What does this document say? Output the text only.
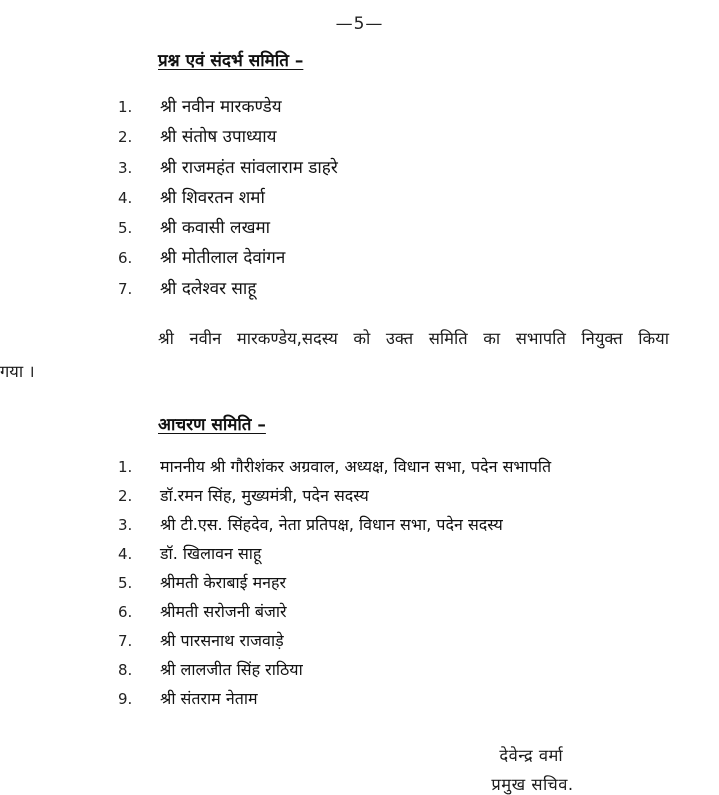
—5—
प्रश्न एवं संदर्भ समिति –
1.	श्री नवीन मारकण्डेय
2.	श्री संतोष उपाध्याय
3.	श्री राजमहंत सांवलाराम डाहरे
4.	श्री शिवरतन शर्मा
5.	श्री कवासी लखमा
6.	श्री मोतीलाल देवांगन
7.	श्री दलेश्वर साहू
श्री नवीन मारकण्डेय,सदस्य को उक्त समिति का सभापति नियुक्त किया
गया ।
आचरण समिति –
1.	माननीय श्री गौरीशंकर अग्रवाल, अध्यक्ष, विधान सभा, पदेन सभापति
2.	डॉ.रमन सिंह, मुख्यमंत्री, पदेन सदस्य
3.	श्री टी.एस. सिंहदेव, नेता प्रतिपक्ष, विधान सभा, पदेन सदस्य
4.	डॉ. खिलावन साहू
5.	श्रीमती केराबाई मनहर
6.	श्रीमती सरोजनी बंजारे
7.	श्री पारसनाथ राजवाड़े
8.	श्री लालजीत सिंह राठिया
9.	श्री संतराम नेताम
देवेन्द्र वर्मा
प्रमुख सचिव.
